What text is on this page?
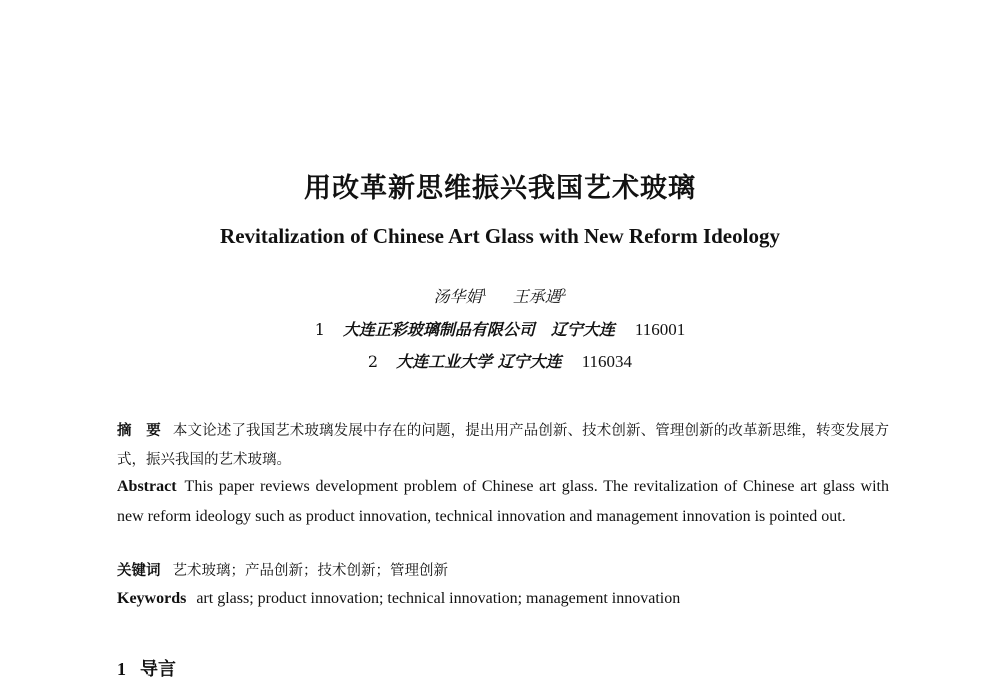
用改革新思维振兴我国艺术玻璃
Revitalization of Chinese Art Glass with New Reform Ideology
汤华娟$^1$ 王承遇$^2$
1 大连正彩玻璃制品有限公司　辽宁大连 116001
2 大连工业大学 辽宁大连 116034
摘　要 本文论述了我国艺术玻璃发展中存在的问题，提出用产品创新、技术创新、管理创新的改革新思维，转变发展方式，振兴我国的艺术玻璃。
Abstract This paper reviews development problem of Chinese art glass. The revitalization of Chinese art glass with new reform ideology such as product innovation, technical innovation and management innovation is pointed out.
关键词 艺术玻璃；产品创新；技术创新；管理创新
Keywords art glass; product innovation; technical innovation; management innovation
1 导言
